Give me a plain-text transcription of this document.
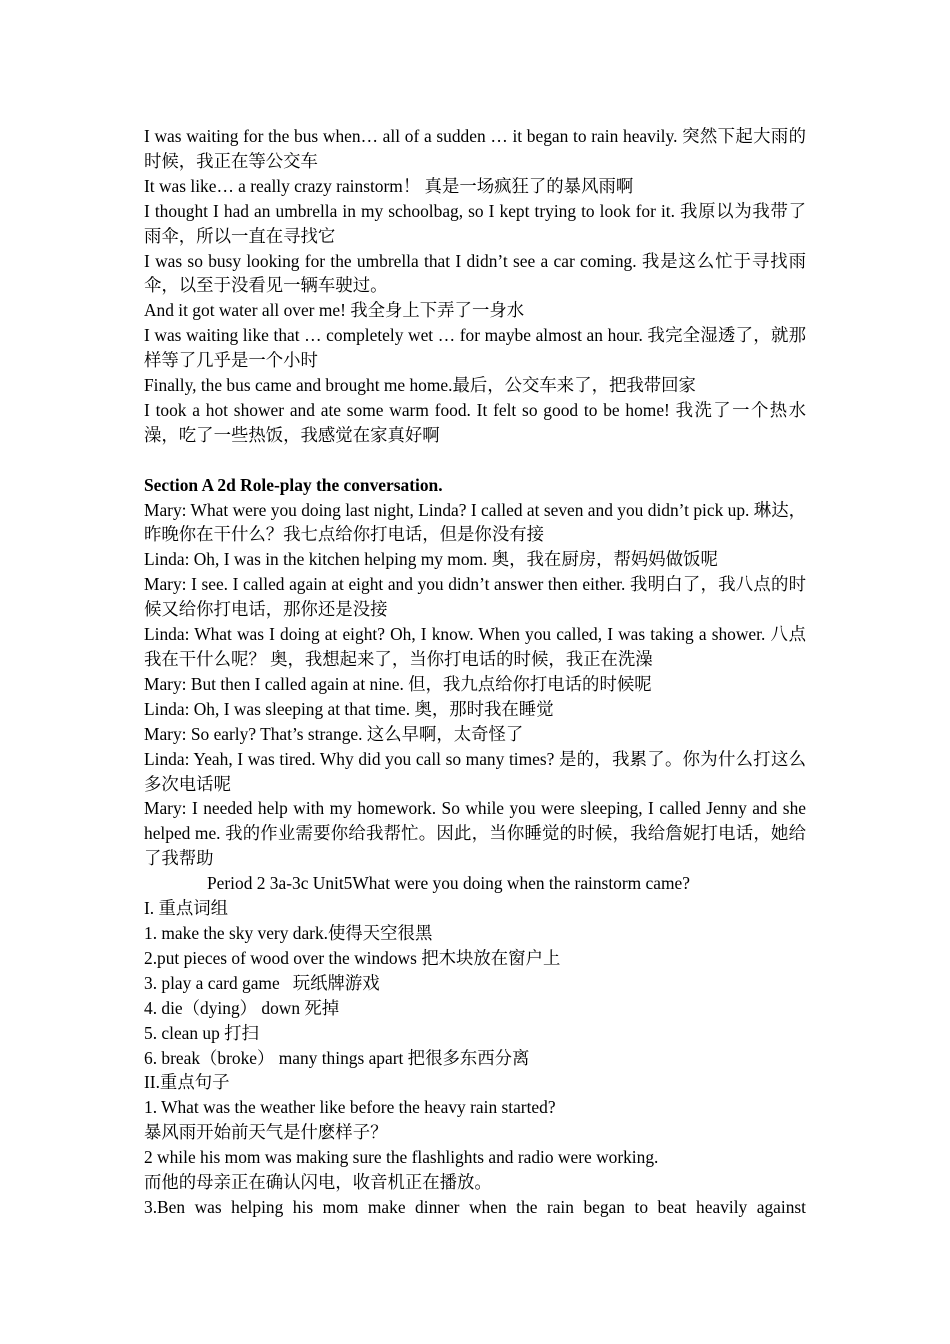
I was waiting for the bus when… all of a sudden … it began to rain heavily. 突然下起大雨的时候，我正在等公交车

It was like… a really crazy rainstorm！ 真是一场疯狂了的暴风雨啊

I thought I had an umbrella in my schoolbag, so I kept trying to look for it. 我原以为我带了雨伞，所以一直在寻找它

I was so busy looking for the umbrella that I didn’t see a car coming. 我是这么忙于寻找雨伞，以至于没看见一辆车驶过。

And it got water all over me! 我全身上下弄了一身水

I was waiting like that … completely wet … for maybe almost an hour. 我完全湿透了，就那样等了几乎是一个小时

Finally, the bus came and brought me home.最后，公交车来了，把我带回家

I took a hot shower and ate some warm food. It felt so good to be home! 我洗了一个热水澡，吃了一些热饭，我感觉在家真好啊

Section A 2d Role-play the conversation.

Mary: What were you doing last night, Linda? I called at seven and you didn’t pick up. 琳达，昨晚你在干什么？我七点给你打电话，但是你没有接

Linda: Oh, I was in the kitchen helping my mom. 奥，我在厨房，帮妈妈做饭呢

Mary: I see. I called again at eight and you didn’t answer then either. 我明白了，我八点的时候又给你打电话，那你还是没接

Linda: What was I doing at eight? Oh, I know. When you called, I was taking a shower. 八点我在干什么呢？ 奥，我想起来了，当你打电话的时候，我正在洗澡

Mary: But then I called again at nine. 但，我九点给你打电话的时候呢

Linda: Oh, I was sleeping at that time. 奥，那时我在睡觉

Mary: So early? That’s strange. 这么早啊，太奇怪了

Linda: Yeah, I was tired. Why did you call so many times? 是的，我累了。你为什么打这么多次电话呢

Mary: I needed help with my homework. So while you were sleeping, I called Jenny and she helped me. 我的作业需要你给我帮忙。因此，当你睡觉的时候，我给詹妮打电话，她给了我帮助

Period 2 3a-3c Unit5What were you doing when the rainstorm came?

I. 重点词组

1. make the sky very dark.使得天空很黑

2.put pieces of wood over the windows 把木块放在窗户上

3. play a card game   玩纸牌游戏

4. die（dying） down 死掉

5. clean up 打扫

6. break（broke） many things apart 把很多东西分离

II.重点句子

1. What was the weather like before the heavy rain started?

暴风雨开始前天气是什麽样子？

2 while his mom was making sure the flashlights and radio were working.

而他的母亲正在确认闪电，收音机正在播放。

3.Ben was helping his mom make dinner when the rain began to beat heavily against
